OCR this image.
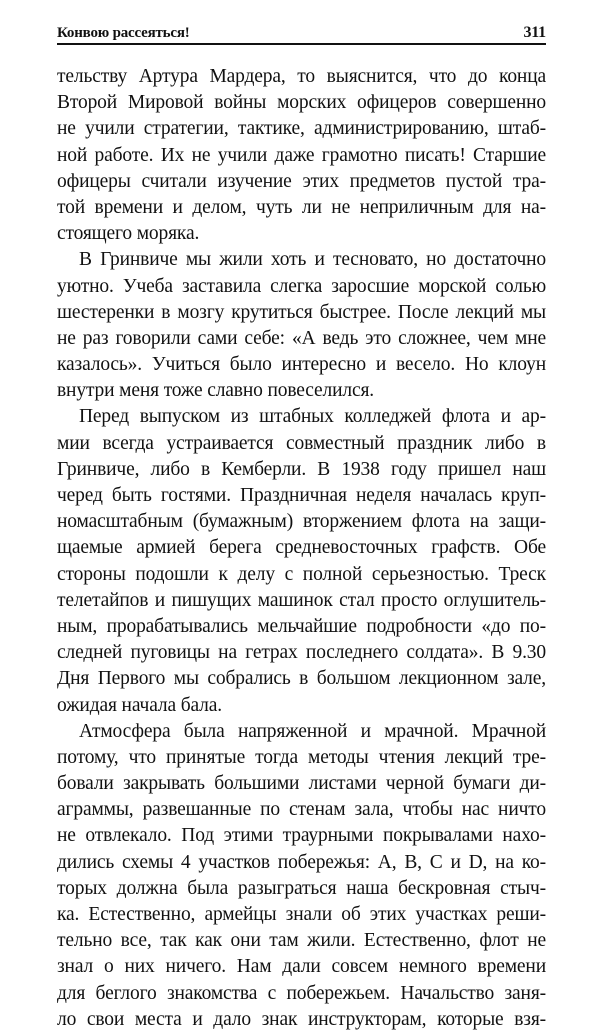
Конвою рассеяться!	311
тельству Артура Мардера, то выяснится, что до конца
Второй Мировой войны морских офицеров совершенно
не учили стратегии, тактике, администрированию, штаб-
ной работе. Их не учили даже грамотно писать! Старшие
офицеры считали изучение этих предметов пустой тра-
той времени и делом, чуть ли не неприличным для на-
стоящего моряка.
В Гринвиче мы жили хоть и тесновато, но достаточно
уютно. Учеба заставила слегка заросшие морской солью
шестеренки в мозгу крутиться быстрее. После лекций мы
не раз говорили сами себе: «А ведь это сложнее, чем мне
казалось». Учиться было интересно и весело. Но клоун
внутри меня тоже славно повеселился.
Перед выпуском из штабных колледжей флота и ар-
мии всегда устраивается совместный праздник либо в
Гринвиче, либо в Кемберли. В 1938 году пришел наш
черед быть гостями. Праздничная неделя началась круп-
номасштабным (бумажным) вторжением флота на защи-
щаемые армией берега средневосточных графств. Обе
стороны подошли к делу с полной серьезностью. Треск
телетайпов и пишущих машинок стал просто оглушитель-
ным, прорабатывались мельчайшие подробности «до по-
следней пуговицы на гетрах последнего солдата». В 9.30
Дня Первого мы собрались в большом лекционном зале,
ожидая начала бала.
Атмосфера была напряженной и мрачной. Мрачной
потому, что принятые тогда методы чтения лекций тре-
бовали закрывать большими листами черной бумаги ди-
аграммы, развешанные по стенам зала, чтобы нас ничто
не отвлекало. Под этими траурными покрывалами нахо-
дились схемы 4 участков побережья: A, B, C и D, на ко-
торых должна была разыграться наша бескровная стыч-
ка. Естественно, армейцы знали об этих участках реши-
тельно все, так как они там жили. Естественно, флот не
знал о них ничего. Нам дали совсем немного времени
для беглого знакомства с побережьем. Начальство заня-
ло свои места и дало знак инструкторам, которые взя-
